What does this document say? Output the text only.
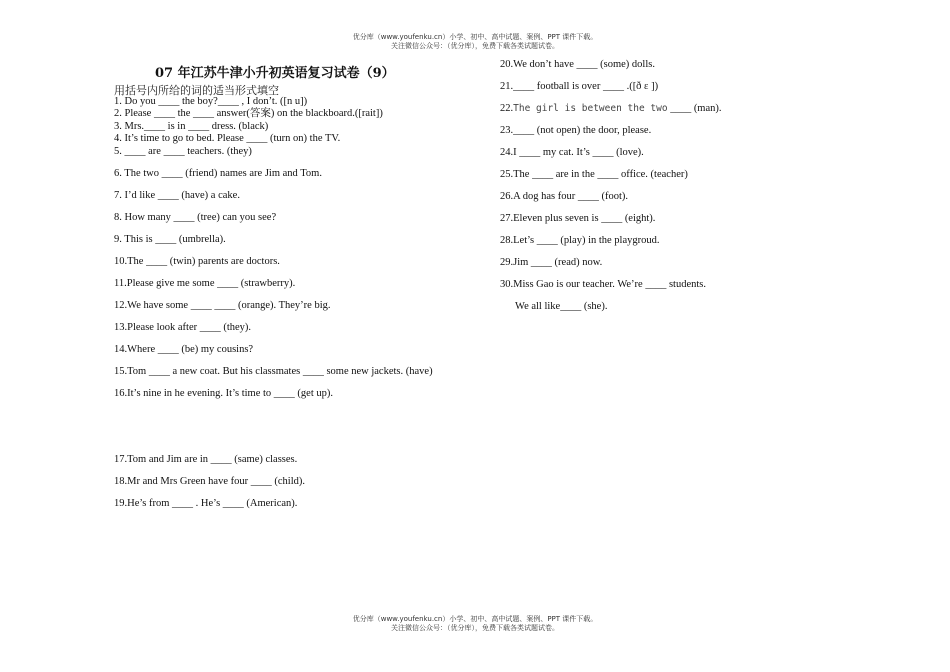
优分库（www.youfenku.cn）小学、初中、高中试题、案例、PPT 课件下载。
关注微信公众号：（优分库），免费下载各类试题试卷。
07 年江苏牛津小升初英语复习试卷（9）
用括号内所给的词的适当形式填空
1. Do you ____ the boy?____ , I don’t. ([n u])
2. Please ____ the ____ answer(答案) on the blackboard.([rait])
3. Mrs.____ is in ____ dress. (black)
4. It’s time to go to bed. Please ____ (turn on) the TV.
5. ____ are ____ teachers. (they)
6. The two ____ (friend) names are Jim and Tom.
7. I’d like ____ (have) a cake.
8. How many ____ (tree) can you see?
9. This is ____ (umbrella).
10.The ____ (twin) parents are doctors.
11.Please give me some ____ (strawberry).
12.We have some ____ ____ (orange). They’re big.
13.Please look after ____ (they).
14.Where ____ (be) my cousins?
15.Tom ____ a new coat. But his classmates ____ some new jackets. (have)
16.It’s nine in he evening. It’s time to ____ (get up).
17.Tom and Jim are in ____ (same) classes.
18.Mr and Mrs Green have four ____ (child).
19.He’s from ____ . He’s ____ (American).
20.We don’t have ____ (some) dolls.
21.____ football is over ____ .([ð ɛ ])
22.The girl is between the two ____ (man).
23.____ (not open) the door, please.
24.I ____ my cat. It’s ____ (love).
25.The ____ are in the ____ office. (teacher)
26.A dog has four ____ (foot).
27.Eleven plus seven is ____ (eight).
28.Let’s ____ (play) in the playgroud.
29.Jim ____ (read) now.
30.Miss Gao is our teacher. We’re ____ students.
We all like____ (she).
优分库（www.youfenku.cn）小学、初中、高中试题、案例、PPT 课件下载。
关注微信公众号：（优分库），免费下载各类试题试卷。
